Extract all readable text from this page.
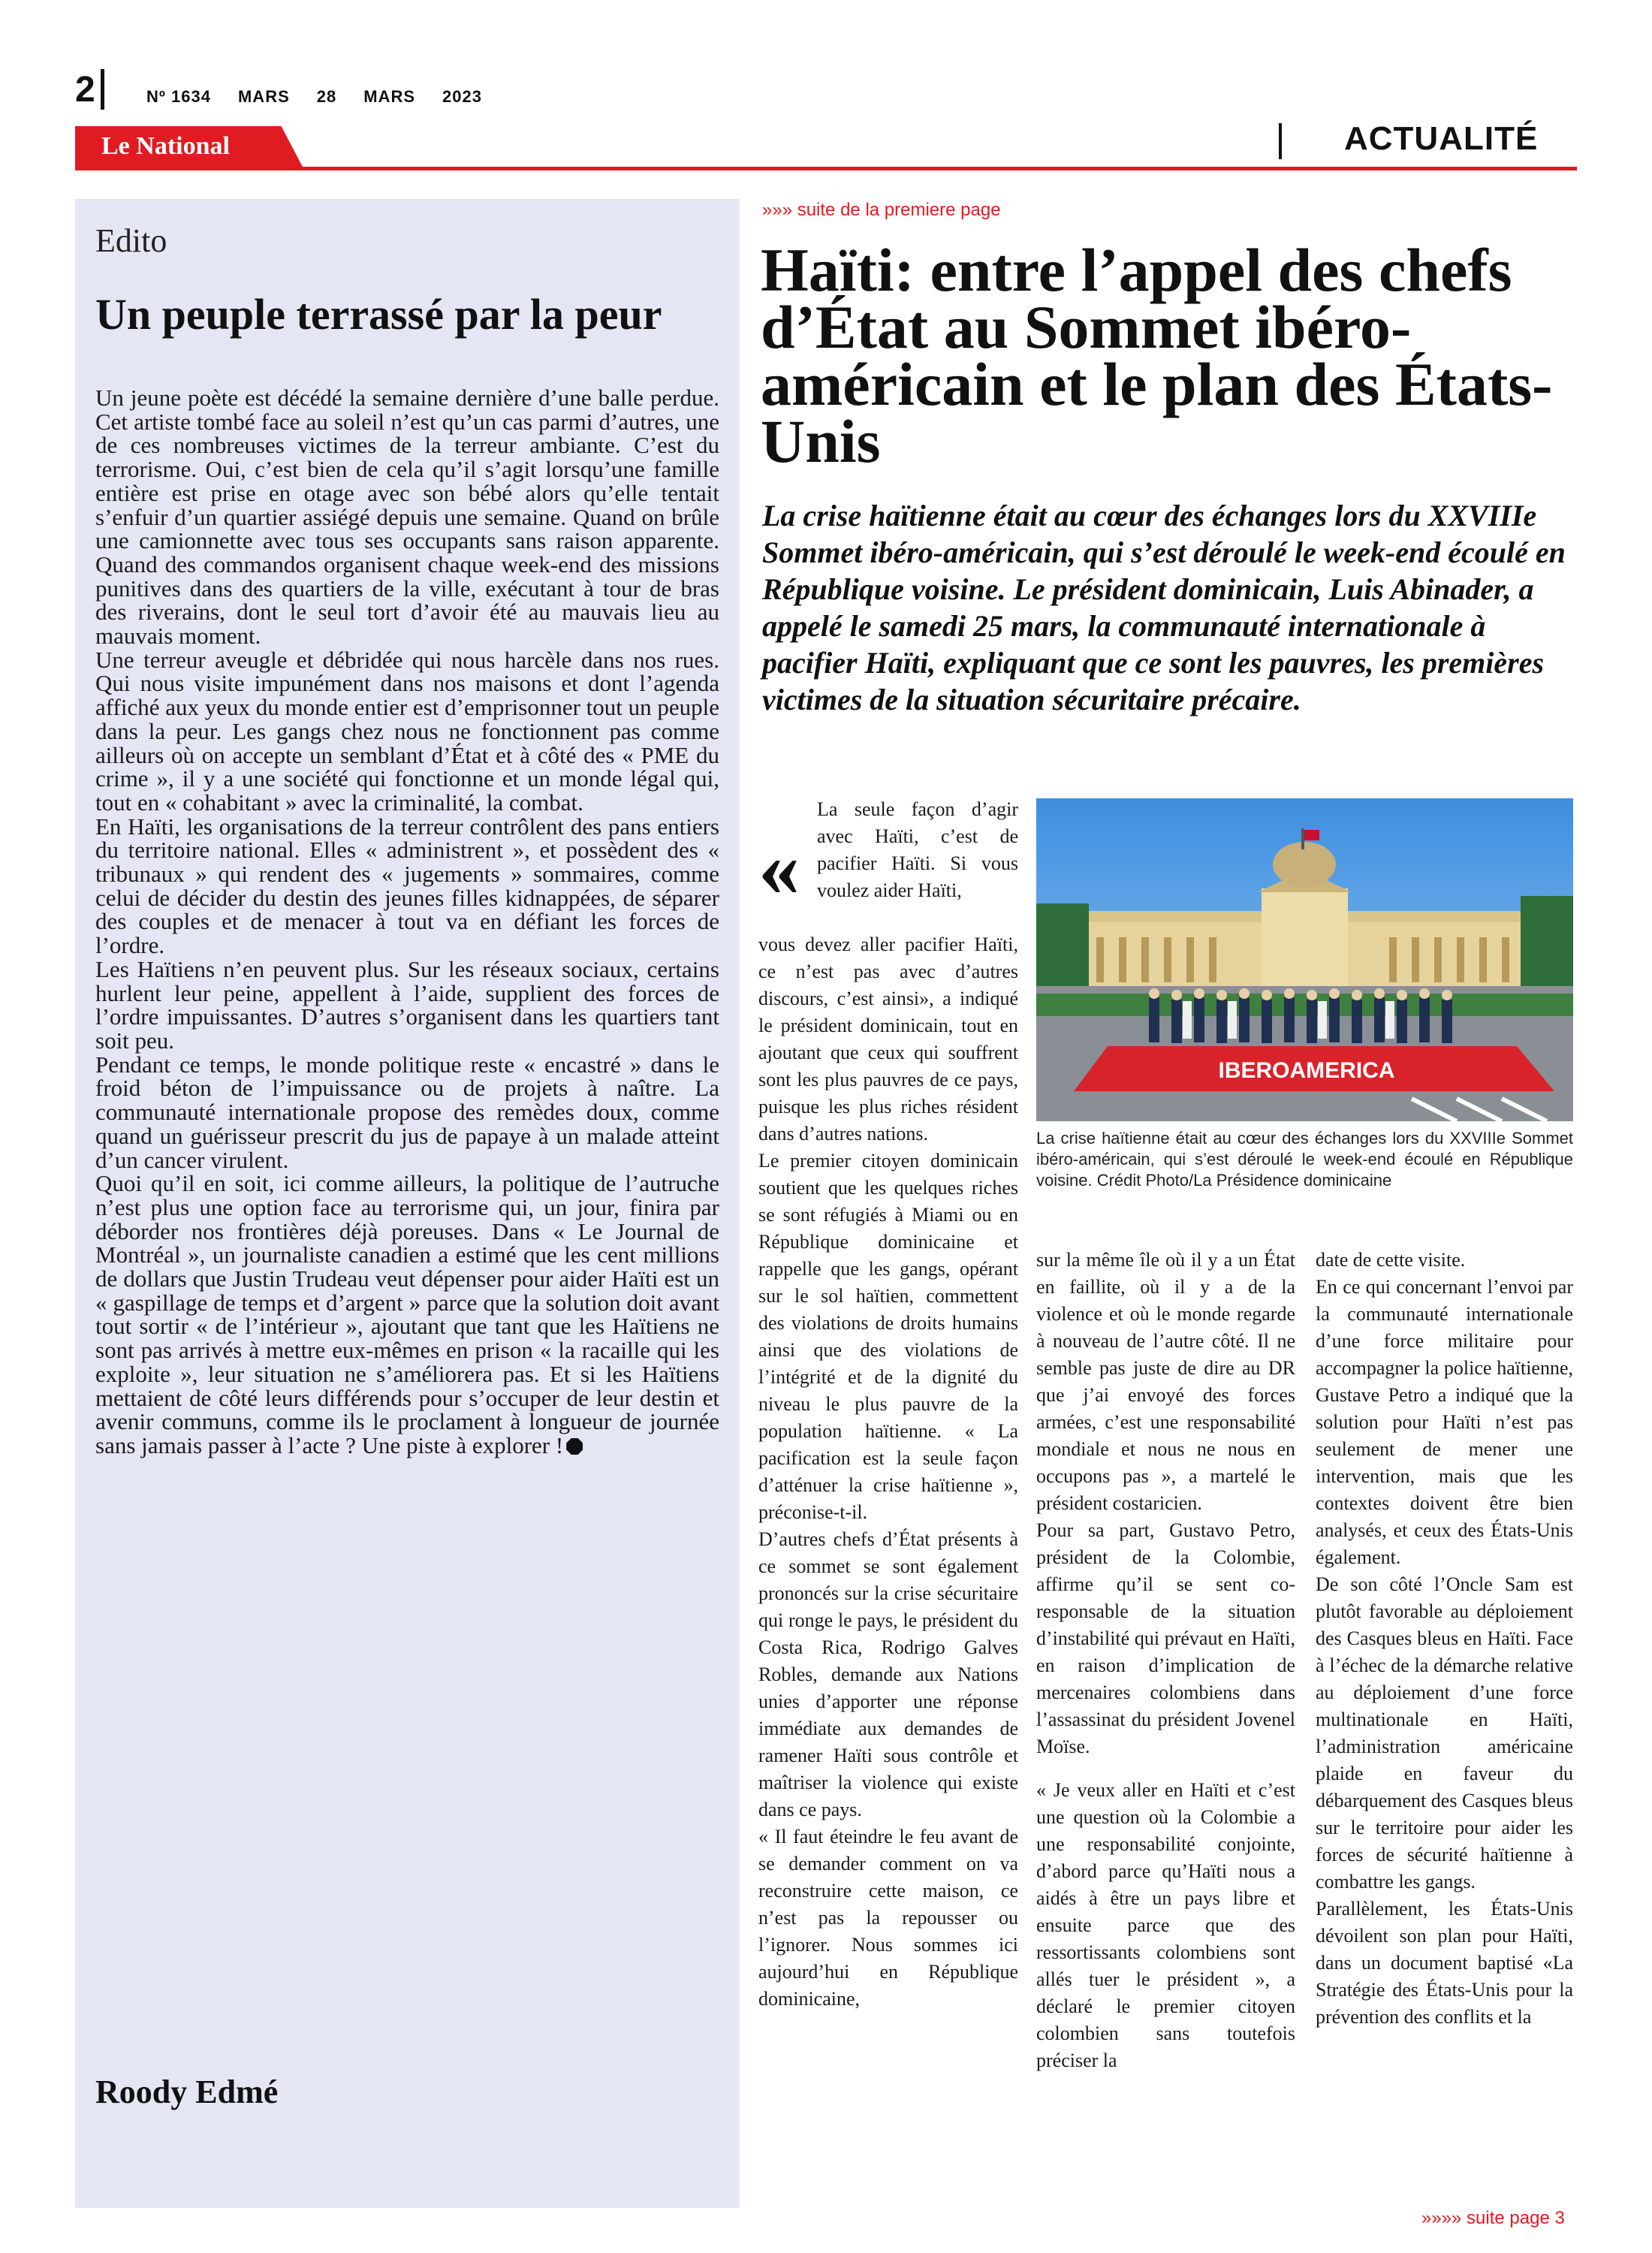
2	Nº 1634 MARS 28 MARS 2023
Le National	ACTUALITÉ
Edito
Un peuple terrassé par la peur

Un jeune poète est décédé la semaine dernière d’une balle perdue. Cet artiste tombé face au soleil n’est qu’un cas parmi d’autres, une de ces nombreuses victimes de la terreur ambiante. C’est du terrorisme. Oui, c’est bien de cela qu’il s’agit lorsqu’une famille entière est prise en otage avec son bébé alors qu’elle tentait s’enfuir d’un quartier assiégé depuis une semaine. Quand on brûle une camionnette avec tous ses occupants sans raison apparente. Quand des commandos organisent chaque week-end des missions punitives dans des quartiers de la ville, exécutant à tour de bras des riverains, dont le seul tort d’avoir été au mauvais lieu au mauvais moment.

Une terreur aveugle et débridée qui nous harcèle dans nos rues. Qui nous visite impunément dans nos maisons et dont l’agenda affiché aux yeux du monde entier est d’emprisonner tout un peuple dans la peur. Les gangs chez nous ne fonctionnent pas comme ailleurs où on accepte un semblant d’État et à côté des « PME du crime », il y a une société qui fonctionne et un monde légal qui, tout en « cohabitant » avec la criminalité, la combat.

En Haïti, les organisations de la terreur contrôlent des pans entiers du territoire national. Elles « administrent », et possèdent des « tribunaux » qui rendent des « jugements » sommaires, comme celui de décider du destin des jeunes filles kidnappées, de séparer des couples et de menacer à tout va en défiant les forces de l’ordre.

Les Haïtiens n’en peuvent plus. Sur les réseaux sociaux, certains hurlent leur peine, appellent à l’aide, supplient des forces de l’ordre impuissantes. D’autres s’organisent dans les quartiers tant soit peu.

Pendant ce temps, le monde politique reste « encastré » dans le froid béton de l’impuissance ou de projets à naître. La communauté internationale propose des remèdes doux, comme quand un guérisseur prescrit du jus de papaye à un malade atteint d’un cancer virulent.

Quoi qu’il en soit, ici comme ailleurs, la politique de l’autruche n’est plus une option face au terrorisme qui, un jour, finira par déborder nos frontières déjà poreuses. Dans « Le Journal de Montréal », un journaliste canadien a estimé que les cent millions de dollars que Justin Trudeau veut dépenser pour aider Haïti est un « gaspillage de temps et d’argent » parce que la solution doit avant tout sortir « de l’intérieur », ajoutant que tant que les Haïtiens ne sont pas arrivés à mettre eux-mêmes en prison « la racaille qui les exploite », leur situation ne s’améliorera pas. Et si les Haïtiens mettaient de côté leurs différends pour s’occuper de leur destin et avenir communs, comme ils le proclament à longueur de journée sans jamais passer à l’acte ? Une piste à explorer !

Roody Edmé
»»» suite de la premiere page
Haïti: entre l’appel des chefs d’État au Sommet ibéro-américain et le plan des États-Unis
La crise haïtienne était au cœur des échanges lors du XXVIIIe Sommet ibéro-américain, qui s’est déroulé le week-end écoulé en République voisine. Le président dominicain, Luis Abinader, a appelé le samedi 25 mars, la communauté internationale à pacifier Haïti, expliquant que ce sont les pauvres, les premières victimes de la situation sécuritaire précaire.
«

La seule façon d’agir avec Haïti, c’est de pacifier Haïti. Si vous voulez aider Haïti,

vous devez aller pacifier Haïti, ce n’est pas avec d’autres discours, c’est ainsi», a indiqué le président dominicain, tout en ajoutant que ceux qui souffrent sont les plus pauvres de ce pays, puisque les plus riches résident dans d’autres nations.

Le premier citoyen dominicain soutient que les quelques riches se sont réfugiés à Miami ou en République dominicaine et rappelle que les gangs, opérant sur le sol haïtien, commettent des violations de droits humains ainsi que des violations de l’intégrité et de la dignité du niveau le plus pauvre de la population haïtienne. « La pacification est la seule façon d’atténuer la crise haïtienne », préconise-t-il.

D’autres chefs d’État présents à ce sommet se sont également prononcés sur la crise sécuritaire qui ronge le pays, le président du Costa Rica, Rodrigo Galves Robles, demande aux Nations unies d’apporter une réponse immédiate aux demandes de ramener Haïti sous contrôle et maîtriser la violence qui existe dans ce pays.

« Il faut éteindre le feu avant de se demander comment on va reconstruire cette maison, ce n’est pas la repousser ou l’ignorer. Nous sommes ici aujourd’hui en République dominicaine,

IBEROAMERICA
La crise haïtienne était au cœur des échanges lors du XXVIIIe Sommet ibéro-américain, qui s’est déroulé le week-end écoulé en République voisine. Crédit Photo/La Présidence dominicaine

sur la même île où il y a un État en faillite, où il y a de la violence et où le monde regarde à nouveau de l’autre côté. Il ne semble pas juste de dire au DR que j’ai envoyé des forces armées, c’est une responsabilité mondiale et nous ne nous en occupons pas », a martelé le président costaricien.

Pour sa part, Gustavo Petro, président de la Colombie, affirme qu’il se sent co-responsable de la situation d’instabilité qui prévaut en Haïti, en raison d’implication de mercenaires colombiens dans l’assassinat du président Jovenel Moïse.

« Je veux aller en Haïti et c’est une question où la Colombie a une responsabilité conjointe, d’abord parce qu’Haïti nous a aidés à être un pays libre et ensuite parce que des ressortissants colombiens sont allés tuer le président », a déclaré le premier citoyen colombien sans toutefois préciser la

date de cette visite.

En ce qui concernant l’envoi par la communauté internationale d’une force militaire pour accompagner la police haïtienne, Gustave Petro a indiqué que la solution pour Haïti n’est pas seulement de mener une intervention, mais que les contextes doivent être bien analysés, et ceux des États-Unis également.

De son côté l’Oncle Sam est plutôt favorable au déploiement des Casques bleus en Haïti. Face à l’échec de la démarche relative au déploiement d’une force multinationale en Haïti, l’administration américaine plaide en faveur du débarquement des Casques bleus sur le territoire pour aider les forces de sécurité haïtienne à combattre les gangs.

Parallèlement, les États-Unis dévoilent son plan pour Haïti, dans un document baptisé «La Stratégie des États-Unis pour la prévention des conflits et la

»»»» suite page 3
